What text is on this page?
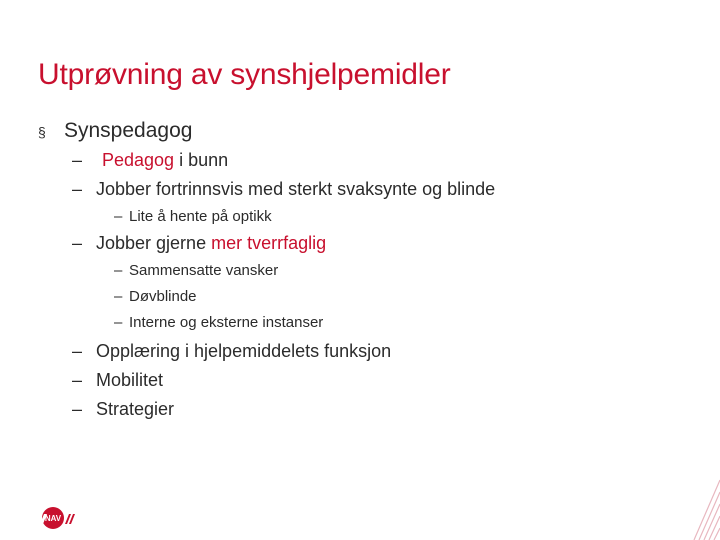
Utprøvning av synshjelpemidler
§ Synspedagog
– Pedagog i bunn
– Jobber fortrinnsvis med sterkt svaksynte og blinde
– Lite å hente på optikk
– Jobber gjerne mer tverrfaglig
– Sammensatte vansker
– Døvblinde
– Interne og eksterne instanser
– Opplæring i hjelpemiddelets funksjon
– Mobilitet
– Strategier
NAV
